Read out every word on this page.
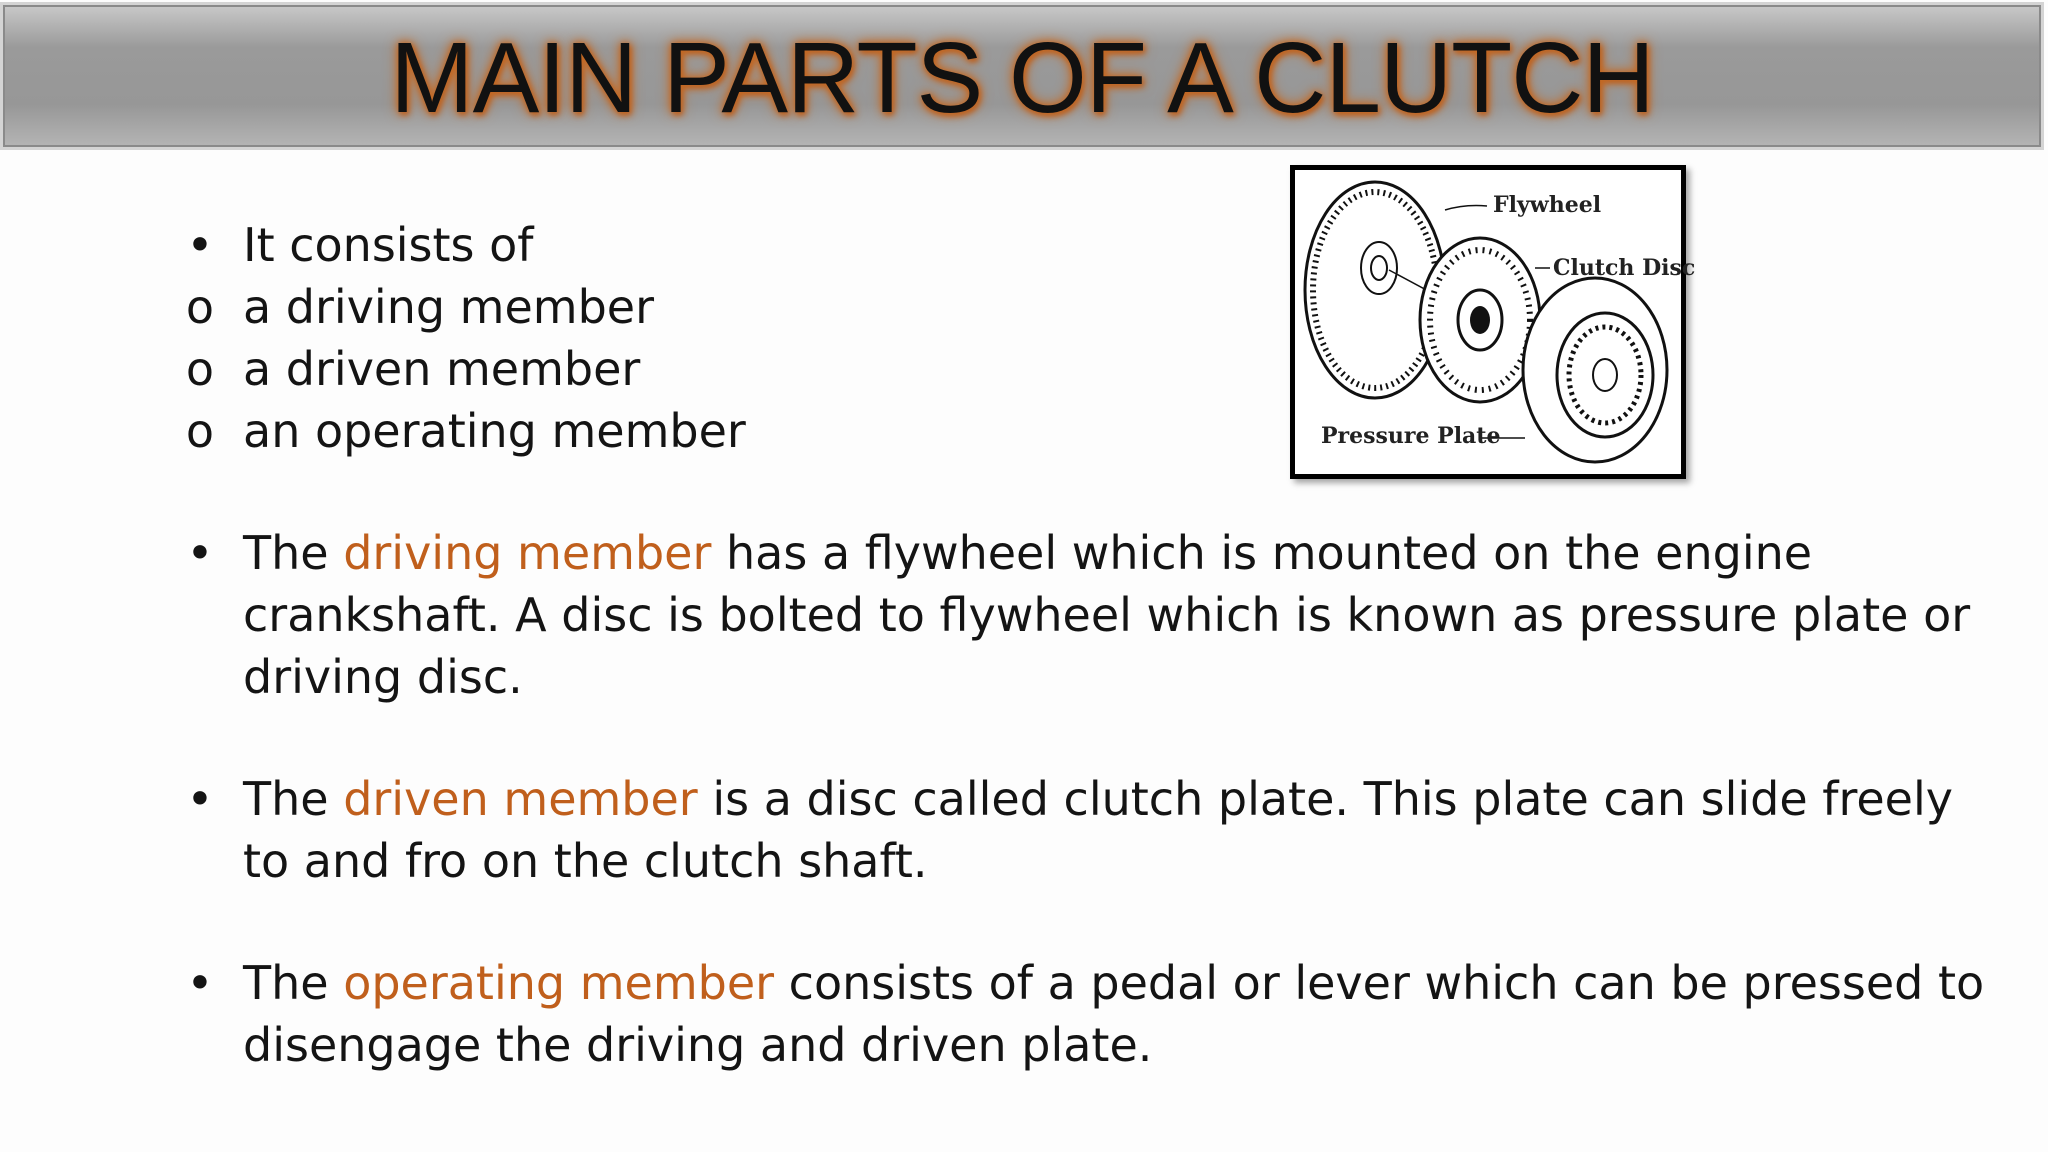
MAIN PARTS OF A CLUTCH
• It consists of
o a driving member
o a driven member
o an operating member
Flywheel
Clutch Disc
Pressure Plate
• The driving member has a flywheel which is mounted on the engine crankshaft. A disc is bolted to flywheel which is known as pressure plate or driving disc.
• The driven member is a disc called clutch plate. This plate can slide freely to and fro on the clutch shaft.
• The operating member consists of a pedal or lever which can be pressed to disengage the driving and driven plate.
